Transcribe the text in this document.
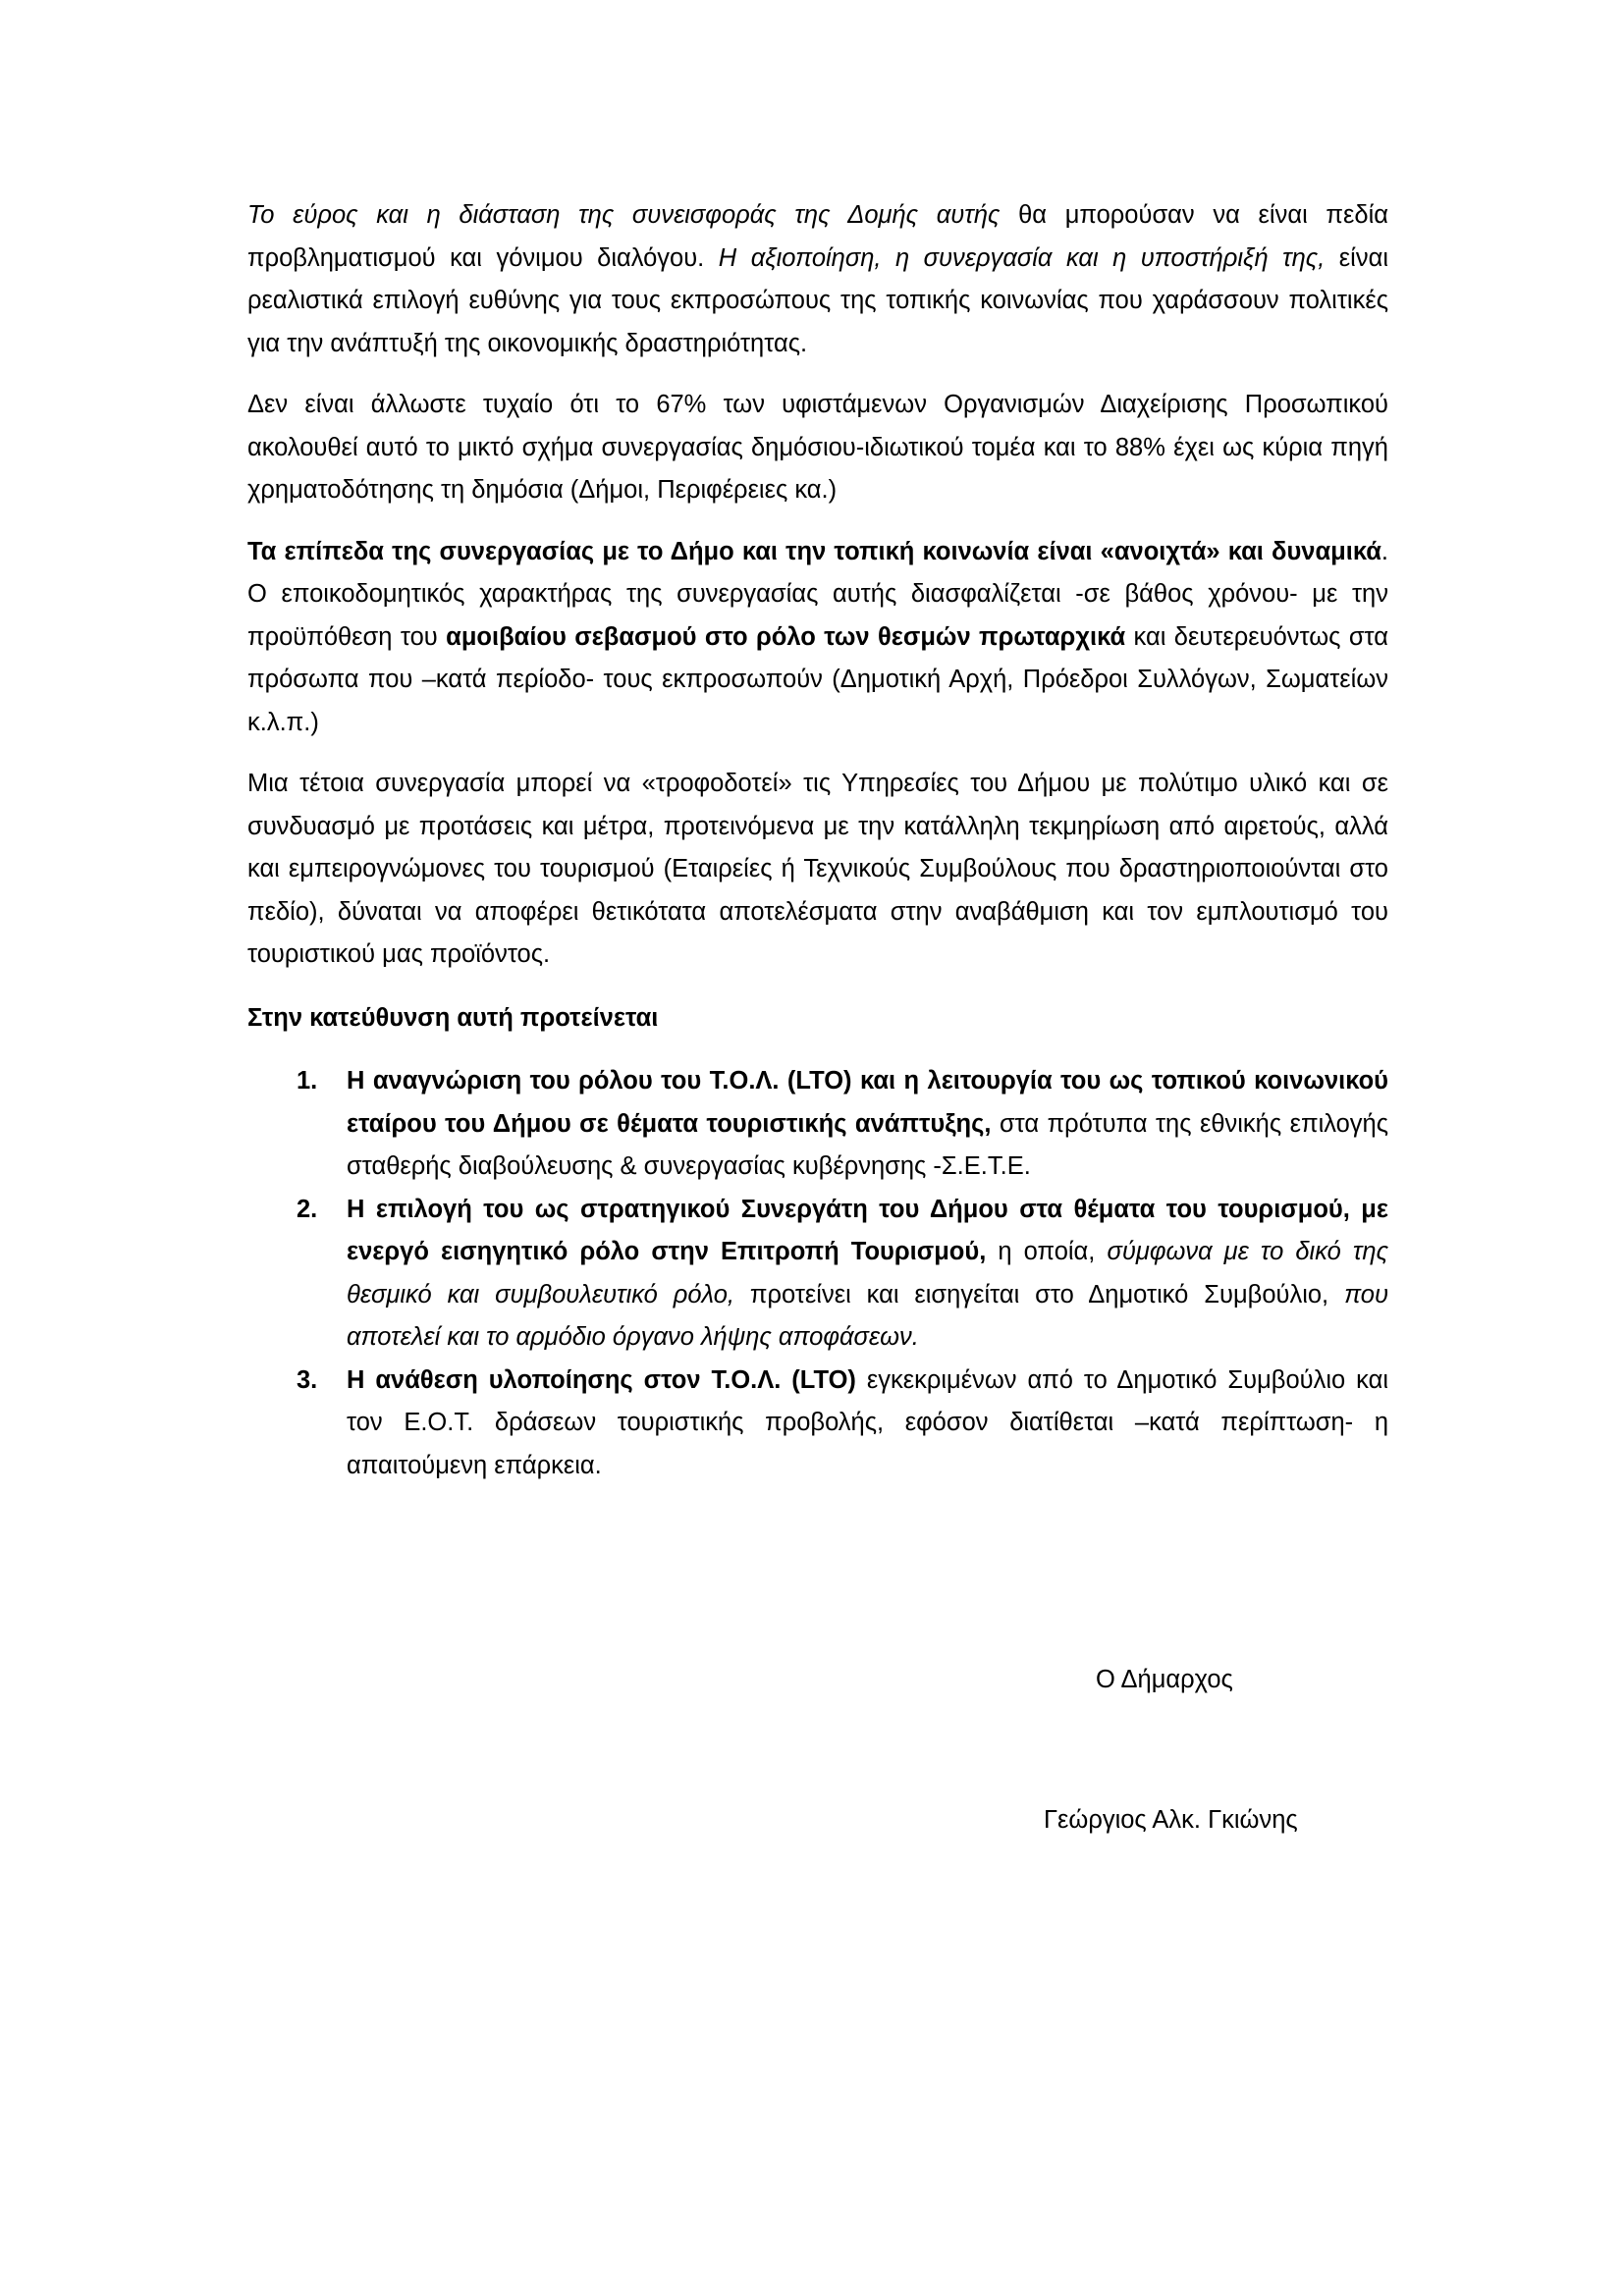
Το εύρος και η διάσταση της συνεισφοράς της Δομής αυτής θα μπορούσαν να είναι πεδία προβληματισμού και γόνιμου διαλόγου. Η αξιοποίηση, η συνεργασία και η υποστήριξή της, είναι ρεαλιστικά επιλογή ευθύνης για τους εκπροσώπους της τοπικής κοινωνίας που χαράσσουν πολιτικές για την ανάπτυξή της οικονομικής δραστηριότητας.

Δεν είναι άλλωστε τυχαίο ότι το 67% των υφιστάμενων Οργανισμών Διαχείρισης Προσωπικού ακολουθεί αυτό το μικτό σχήμα συνεργασίας δημόσιου-ιδιωτικού τομέα και το 88% έχει ως κύρια πηγή χρηματοδότησης τη δημόσια (Δήμοι, Περιφέρειες κα.)

Τα επίπεδα της συνεργασίας με το Δήμο και την τοπική κοινωνία είναι «ανοιχτά» και δυναμικά. Ο εποικοδομητικός χαρακτήρας της συνεργασίας αυτής διασφαλίζεται -σε βάθος χρόνου- με την προϋπόθεση του αμοιβαίου σεβασμού στο ρόλο των θεσμών πρωταρχικά και δευτερευόντως στα πρόσωπα που –κατά περίοδο- τους εκπροσωπούν (Δημοτική Αρχή, Πρόεδροι Συλλόγων, Σωματείων κ.λ.π.)

Μια τέτοια συνεργασία μπορεί να «τροφοδοτεί» τις Υπηρεσίες του Δήμου με πολύτιμο υλικό και σε συνδυασμό με προτάσεις και μέτρα, προτεινόμενα με την κατάλληλη τεκμηρίωση από αιρετούς, αλλά και εμπειρογνώμονες του τουρισμού (Εταιρείες ή Τεχνικούς Συμβούλους που δραστηριοποιούνται στο πεδίο), δύναται να αποφέρει θετικότατα αποτελέσματα στην αναβάθμιση και τον εμπλουτισμό του τουριστικού μας προϊόντος.

Στην κατεύθυνση αυτή προτείνεται

1. Η αναγνώριση του ρόλου του Τ.Ο.Λ. (LTO) και η λειτουργία του ως τοπικού κοινωνικού εταίρου του Δήμου σε θέματα τουριστικής ανάπτυξης, στα πρότυπα της εθνικής επιλογής σταθερής διαβούλευσης & συνεργασίας κυβέρνησης -Σ.Ε.Τ.Ε.
2. Η επιλογή του ως στρατηγικού Συνεργάτη του Δήμου στα θέματα του τουρισμού, με ενεργό εισηγητικό ρόλο στην Επιτροπή Τουρισμού, η οποία, σύμφωνα με το δικό της θεσμικό και συμβουλευτικό ρόλο, προτείνει και εισηγείται στο Δημοτικό Συμβούλιο, που αποτελεί και το αρμόδιο όργανο λήψης αποφάσεων.
3. Η ανάθεση υλοποίησης στον Τ.Ο.Λ. (LTO) εγκεκριμένων από το Δημοτικό Συμβούλιο και τον Ε.Ο.Τ. δράσεων τουριστικής προβολής, εφόσον διατίθεται –κατά περίπτωση- η απαιτούμενη επάρκεια.
Ο Δήμαρχος
Γεώργιος Αλκ. Γκιώνης
